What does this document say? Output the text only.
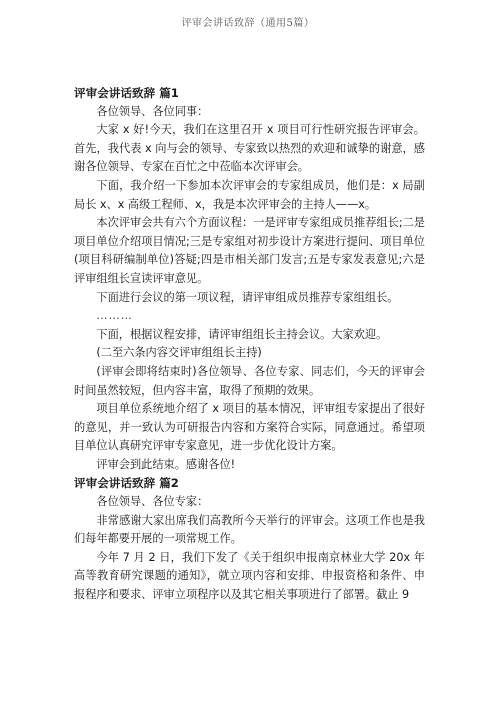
评审会讲话致辞（通用5篇）

评审会讲话致辞 篇1

各位领导、各位同事：

大家 x 好!今天，我们在这里召开 x 项目可行性研究报告评审会。首先，我代表 x 向与会的领导、专家致以热烈的欢迎和诚挚的谢意，感谢各位领导、专家在百忙之中莅临本次评审会。

下面，我介绍一下参加本次评审会的专家组成员，他们是：x 局副局长 x、x 高级工程师、x，我是本次评审会的主持人——x。

本次评审会共有六个方面议程：一是评审专家组成员推荐组长;二是项目单位介绍项目情况;三是专家组对初步设计方案进行提问、项目单位(项目科研编制单位)答疑;四是市相关部门发言;五是专家发表意见;六是评审组组长宣读评审意见。

下面进行会议的第一项议程，请评审组成员推荐专家组组长。

………

下面，根据议程安排，请评审组组长主持会议。大家欢迎。

(二至六条内容交评审组组长主持)

(评审会即将结束时)各位领导、各位专家、同志们，今天的评审会时间虽然较短，但内容丰富，取得了预期的效果。

项目单位系统地介绍了 x 项目的基本情况，评审组专家提出了很好的意见，并一致认为可研报告内容和方案符合实际，同意通过。希望项目单位认真研究评审专家意见，进一步优化设计方案。

评审会到此结束。感谢各位!

评审会讲话致辞 篇2

各位领导、各位专家：

非常感谢大家出席我们高教所今天举行的评审会。这项工作也是我们每年都要开展的一项常规工作。

今年 7 月 2 日，我们下发了《关于组织申报南京林业大学 20x 年高等教育研究课题的通知》，就立项内容和安排、申报资格和条件、申报程序和要求、评审立项程序以及其它相关事项进行了部署。截止 9
